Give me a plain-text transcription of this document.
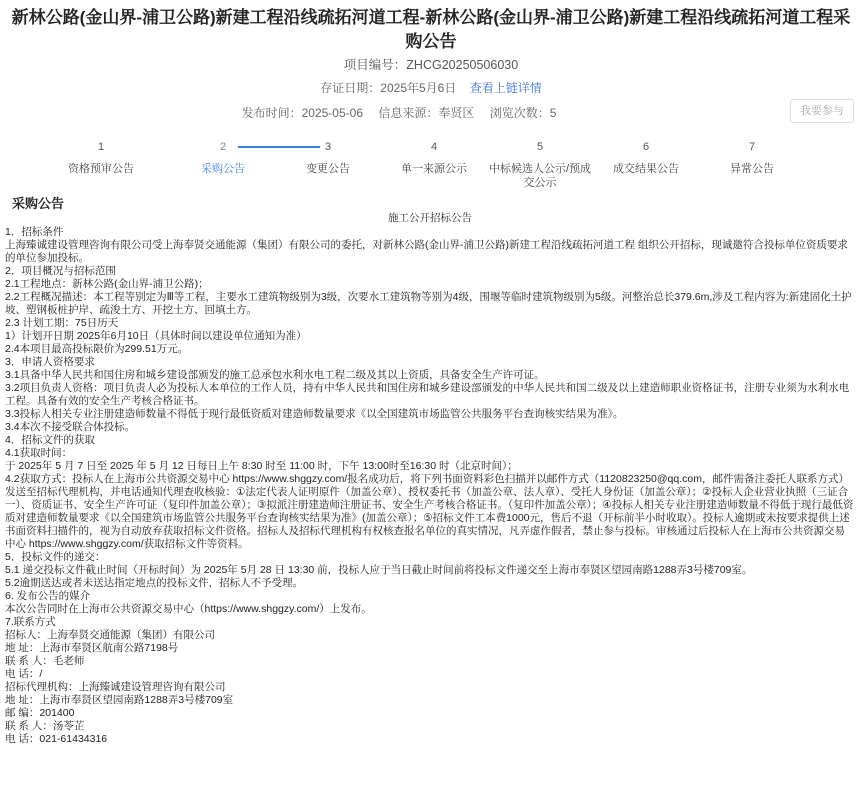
新林公路(金山界-浦卫公路)新建工程沿线疏拓河道工程-新林公路(金山界-浦卫公路)新建工程沿线疏拓河道工程采
购公告
项目编号：ZHCG20250506030
存证日期：2025年5月6日 查看上链详情
发布时间：2025-05-06 信息来源：奉贤区 浏览次数：5	我要参与
1
资格预审公告
2
采购公告
3
变更公告
4
单一来源公示
5
中标候选人公示/预成交公示
6
成交结果公告
7
异常公告
采购公告

施工公开招标公告

1．招标条件

上海臻诚建设管理咨询有限公司受上海奉贤交通能源（集团）有限公司的委托，对新林公路(金山界-浦卫公路)新建工程沿线疏拓河道工程 组织公开招标，现诚邀符合投标单位资质要求的单位参加投标。

2．项目概况与招标范围

2.1工程地点：新林公路(金山界-浦卫公路)；

2.2工程概况描述：本工程等别定为Ⅲ等工程，主要水工建筑物级别为3级，次要水工建筑物等别为4级，围堰等临时建筑物级别为5级。河整治总长379.6m,涉及工程内容为:新建固化土护坡、塑钢板桩护岸、疏浚土方、开挖土方、回填土方。

2.3 计划工期：75日历天

1）计划开日期 2025年6月10日（具体时间以建设单位通知为准）

2.4本项目最高投标限价为299.51万元。

3．申请人资格要求

3.1具备中华人民共和国住房和城乡建设部颁发的施工总承包水利水电工程二级及其以上资质，具备安全生产许可证。

3.2项目负责人资格：项目负责人必为投标人本单位的工作人员，持有中华人民共和国住房和城乡建设部颁发的中华人民共和国二级及以上建造师职业资格证书，注册专业须为水利水电工程。具备有效的安全生产考核合格证书。

3.3投标人相关专业注册建造师数量不得低于现行最低资质对建造师数量要求《以全国建筑市场监管公共服务平台查询核实结果为准》。

3.4本次不接受联合体投标。

4．招标文件的获取

4.1获取时间：

于 2025年 5 月 7 日至 2025 年 5 月 12 日每日上午 8:30 时至 11:00 时，下午 13:00时至16:30 时（北京时间）；

4.2获取方式：投标人在上海市公共资源交易中心 https://www.shggzy.com/报名成功后，将下列书面资料彩色扫描并以邮件方式（1120823250@qq.com，邮件需备注委托人联系方式）发送至招标代理机构，并电话通知代理查收核验：①法定代表人证明原件（加盖公章）、授权委托书（加盖公章、法人章）、受托人身份证（加盖公章）；②投标人企业营业执照（三证合一）、资质证书、安全生产许可证（复印件加盖公章）；③拟派注册建造师注册证书、安全生产考核合格证书。（复印件加盖公章）；④投标人相关专业注册建造师数量不得低于现行最低资质对建造师数量要求《以全国建筑市场监管公共服务平台查询核实结果为准》(加盖公章）；⑤招标文件工本费1000元，售后不退（开标前半小时收取）。投标人逾期或未按要求提供上述书面资料扫描件的，视为自动放弃获取招标文件资格。招标人及招标代理机构有权核查报名单位的真实情况，凡弄虚作假者，禁止参与投标。审核通过后投标人在上海市公共资源交易中心 https://www.shggzy.com/获取招标文件等资料。

5．投标文件的递交：

5.1 递交投标文件截止时间（开标时间）为 2025年 5月 28 日 13:30 前，投标人应于当日截止时间前将投标文件递交至上海市奉贤区望园南路1288弄3号楼709室。

5.2逾期送达或者未送达指定地点的投标文件，招标人不予受理。

6. 发布公告的媒介

本次公告同时在上海市公共资源交易中心（https://www.shggzy.com/）上发布。

7.联系方式

招标人：上海奉贤交通能源（集团）有限公司

地 址：上海市奉贤区航南公路7198号

联 系 人：毛老师

电 话：/

招标代理机构：上海臻诚建设管理咨询有限公司

地 址：上海市奉贤区望园南路1288弄3号楼709室

邮 编：201400

联 系 人：汤苓芷

电 话：021-61434316
